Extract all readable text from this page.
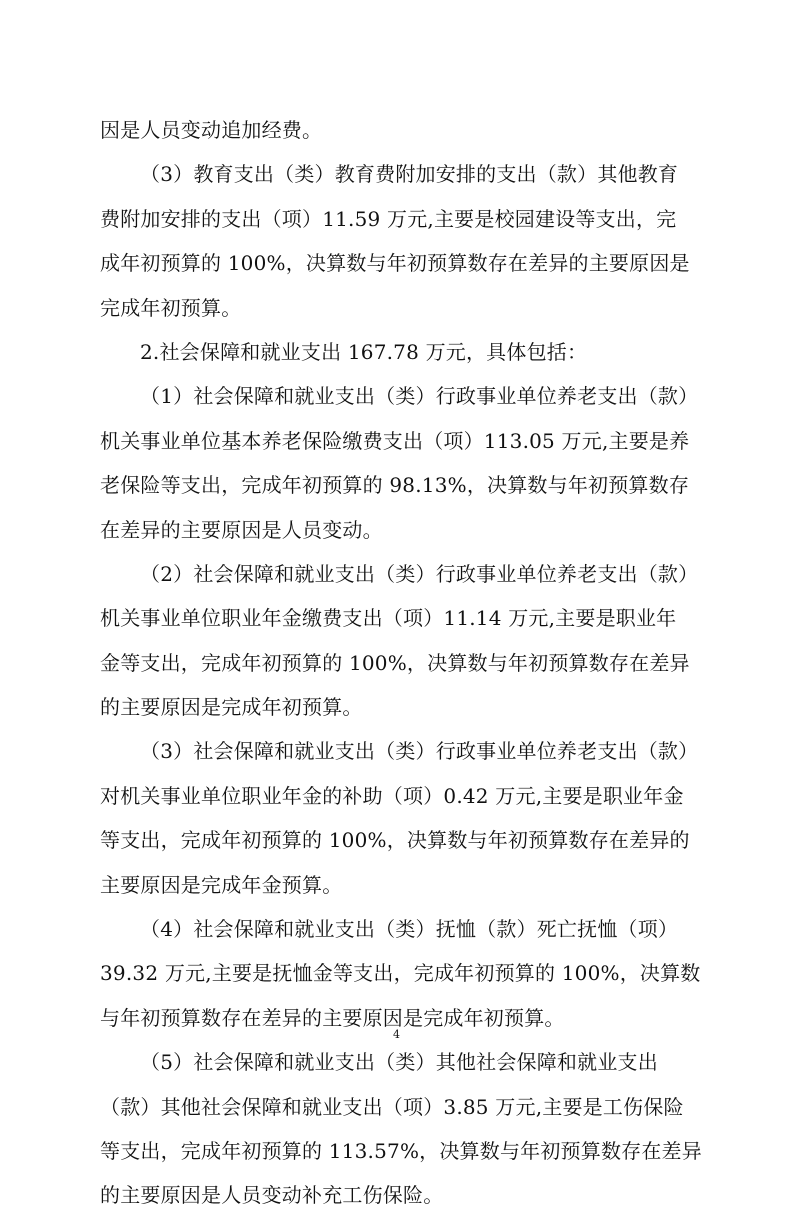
因是人员变动追加经费。
（3）教育支出（类）教育费附加安排的支出（款）其他教育
费附加安排的支出（项）11.59 万元,主要是校园建设等支出，完
成年初预算的 100%，决算数与年初预算数存在差异的主要原因是
完成年初预算。
2.社会保障和就业支出 167.78 万元，具体包括：
（1）社会保障和就业支出（类）行政事业单位养老支出（款）
机关事业单位基本养老保险缴费支出（项）113.05 万元,主要是养
老保险等支出，完成年初预算的 98.13%，决算数与年初预算数存
在差异的主要原因是人员变动。
（2）社会保障和就业支出（类）行政事业单位养老支出（款）
机关事业单位职业年金缴费支出（项）11.14 万元,主要是职业年
金等支出，完成年初预算的 100%，决算数与年初预算数存在差异
的主要原因是完成年初预算。
（3）社会保障和就业支出（类）行政事业单位养老支出（款）
对机关事业单位职业年金的补助（项）0.42 万元,主要是职业年金
等支出，完成年初预算的 100%，决算数与年初预算数存在差异的
主要原因是完成年金预算。
（4）社会保障和就业支出（类）抚恤（款）死亡抚恤（项）
39.32 万元,主要是抚恤金等支出，完成年初预算的 100%，决算数
与年初预算数存在差异的主要原因是完成年初预算。
（5）社会保障和就业支出（类）其他社会保障和就业支出
（款）其他社会保障和就业支出（项）3.85 万元,主要是工伤保险
等支出，完成年初预算的 113.57%，决算数与年初预算数存在差异
的主要原因是人员变动补充工伤保险。
4
